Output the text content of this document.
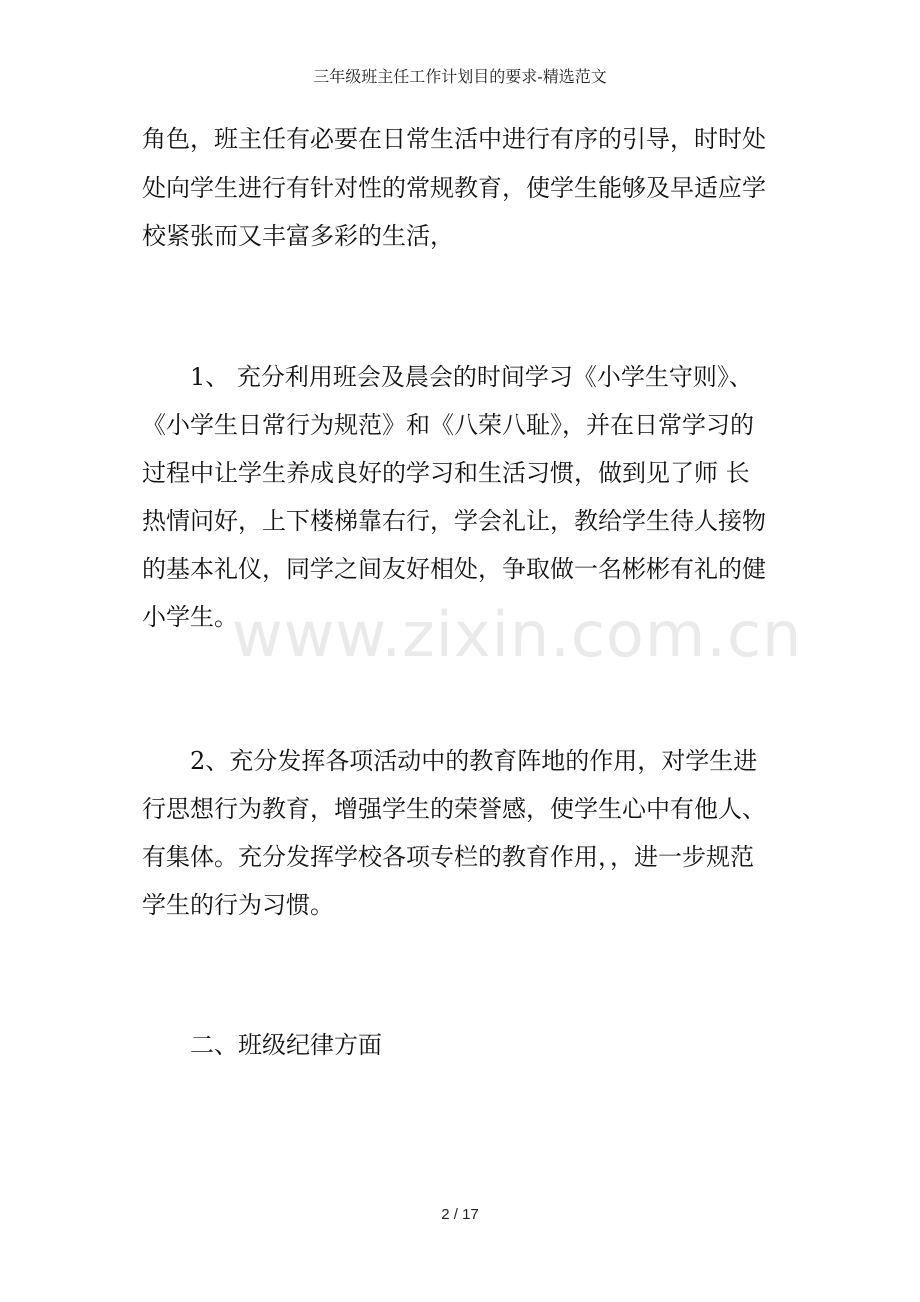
三年级班主任工作计划目的要求-精选范文
角色，班主任有必要在日常生活中进行有序的引导，时时处
处向学生进行有针对性的常规教育，使学生能够及早适应学
校紧张而又丰富多彩的生活，
1、 充分利用班会及晨会的时间学习《小学生守则》、
《小学生日常行为规范》和《八荣八耻》，并在日常学习的
过程中让学生养成良好的学习和生活习惯，做到见了师 长
热情问好，上下楼梯靠右行，学会礼让，教给学生待人接物
的基本礼仪，同学之间友好相处，争取做一名彬彬有礼的健
小学生。
www.zixin.com.cn
2、充分发挥各项活动中的教育阵地的作用，对学生进
行思想行为教育，增强学生的荣誉感，使学生心中有他人、
有集体。充分发挥学校各项专栏的教育作用，，进一步规范
学生的行为习惯。
二、班级纪律方面
2 / 17
